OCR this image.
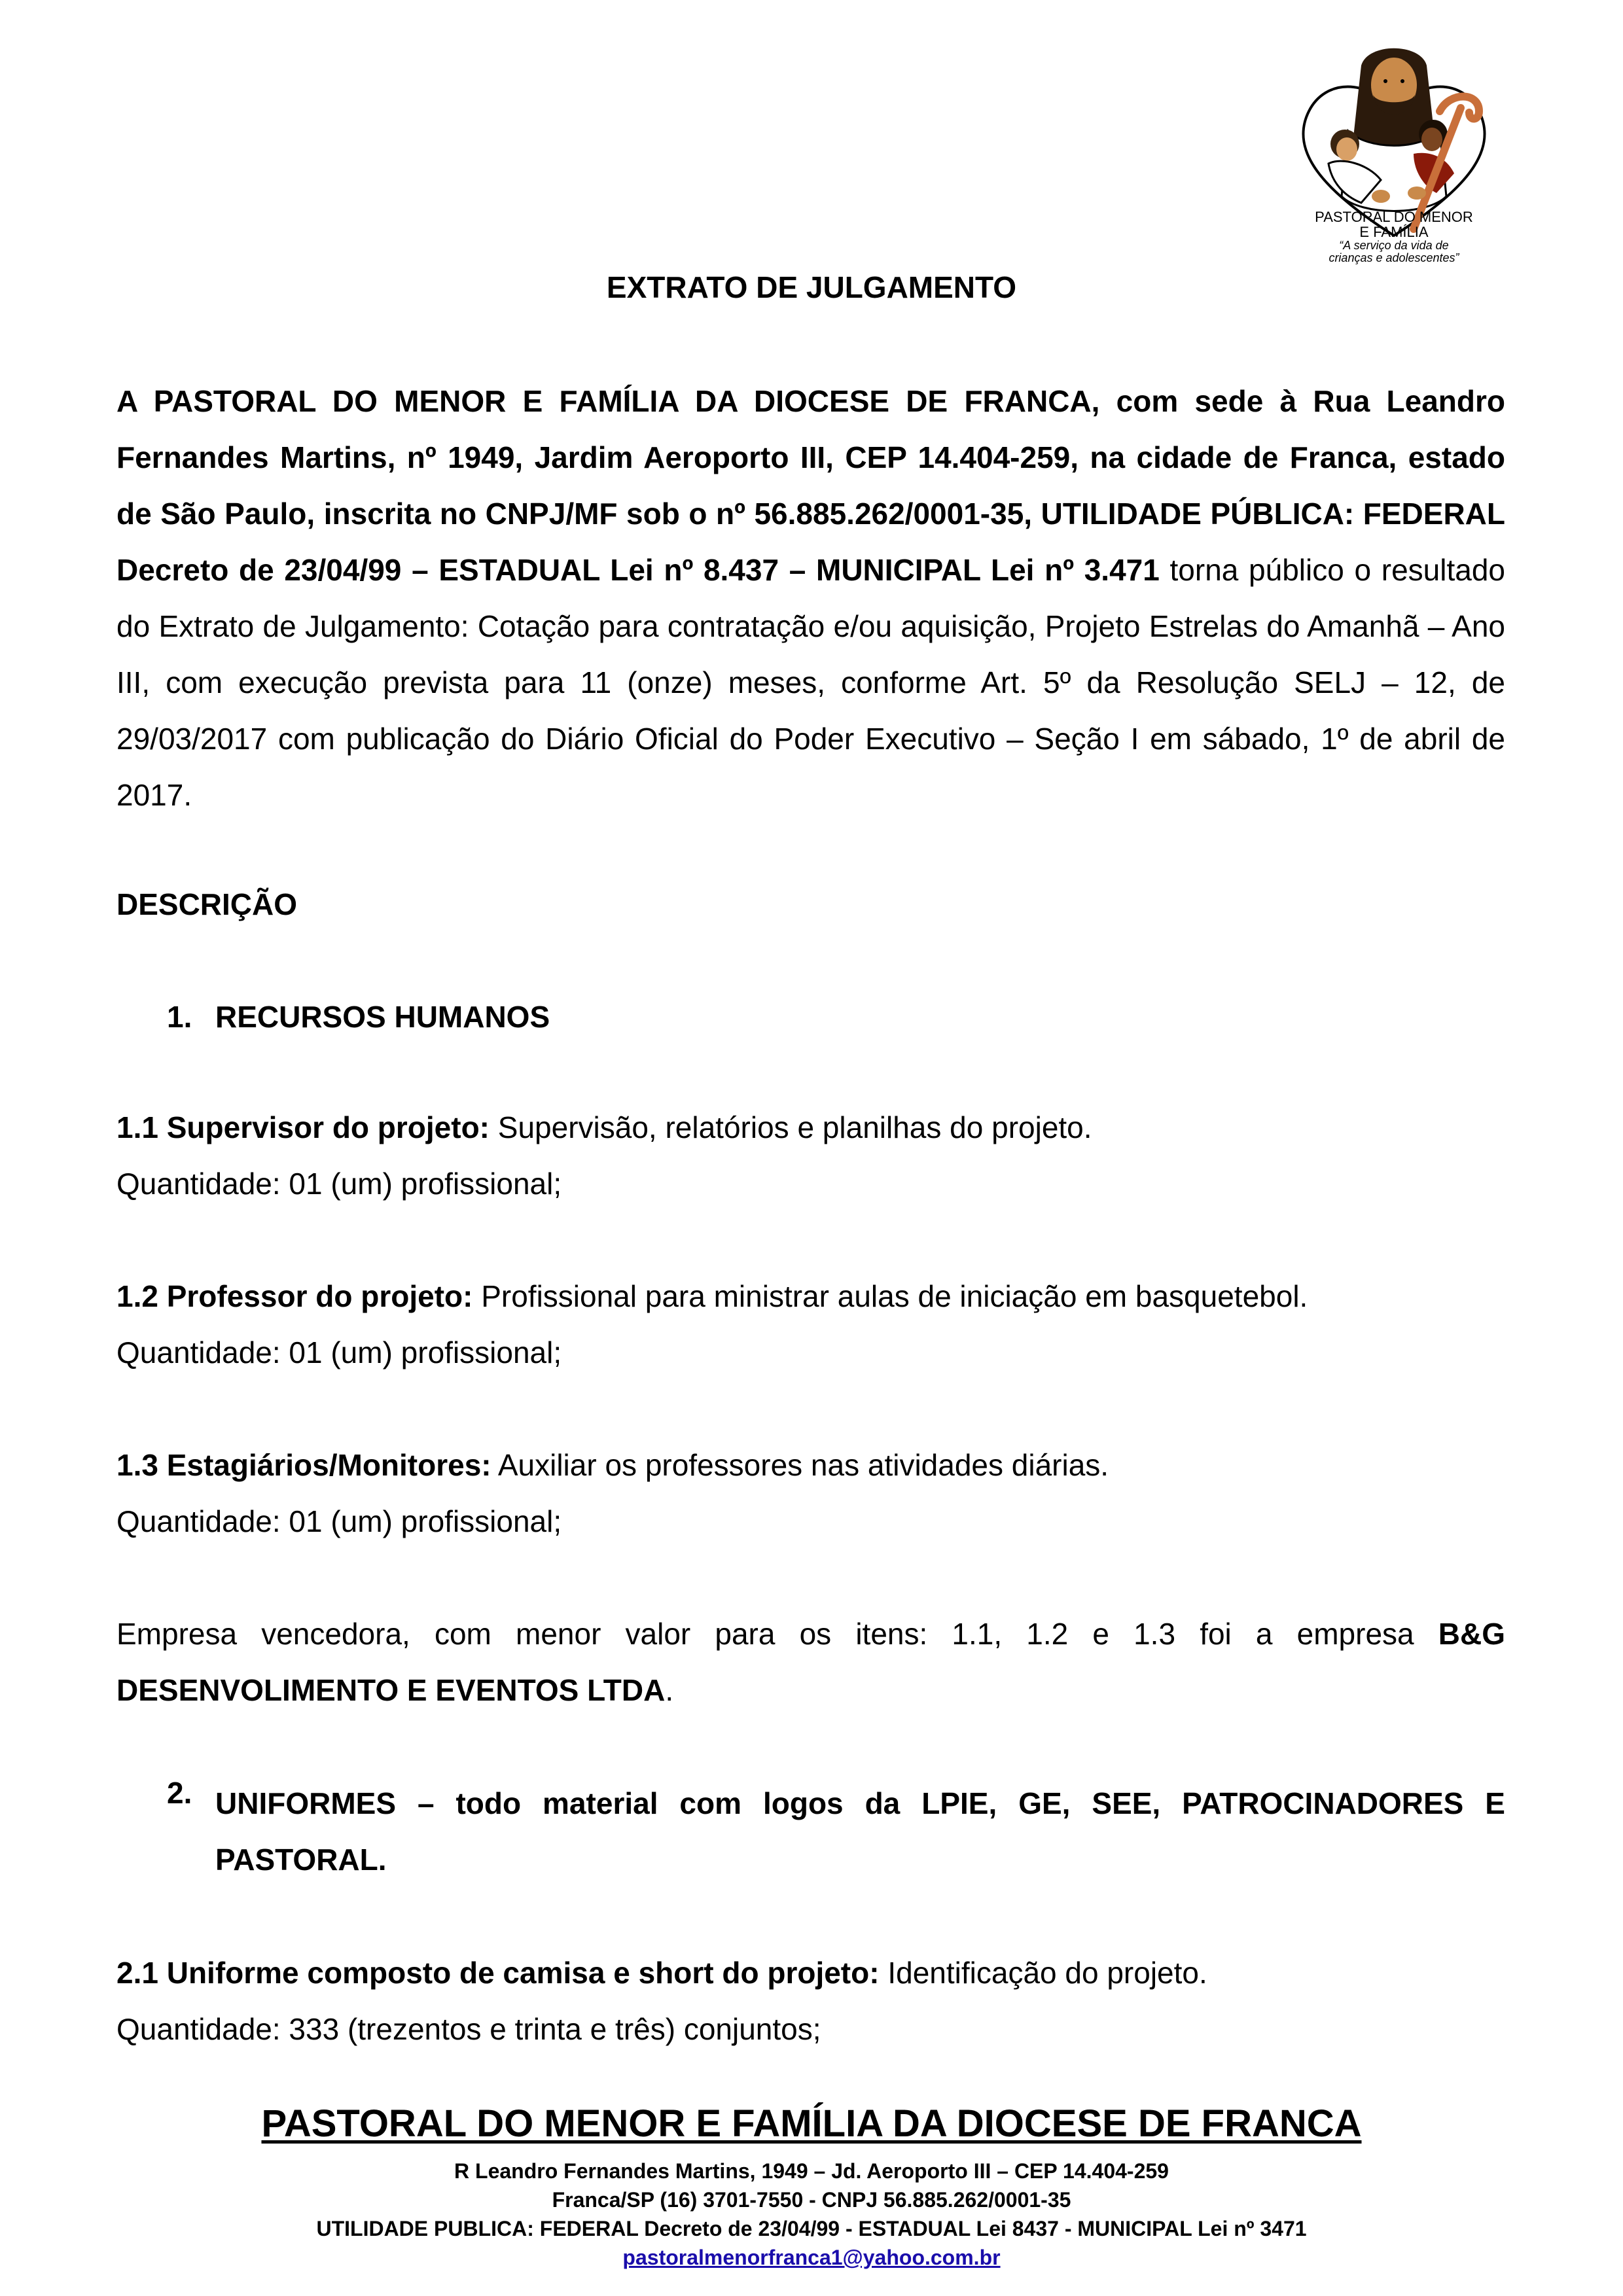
PASTORAL DO MENOR
E FAMÍLIA
“A serviço da vida de
crianças e adolescentes”
EXTRATO DE JULGAMENTO
A PASTORAL DO MENOR E FAMÍLIA DA DIOCESE DE FRANCA, com sede à Rua Leandro Fernandes Martins, nº 1949, Jardim Aeroporto III, CEP 14.404-259, na cidade de Franca, estado de São Paulo, inscrita no CNPJ/MF sob o nº 56.885.262/0001-35, UTILIDADE PÚBLICA: FEDERAL Decreto de 23/04/99 – ESTADUAL Lei nº 8.437 – MUNICIPAL Lei nº 3.471 torna público o resultado do Extrato de Julgamento: Cotação para contratação e/ou aquisição, Projeto Estrelas do Amanhã – Ano III, com execução prevista para 11 (onze) meses, conforme Art. 5º da Resolução SELJ – 12, de 29/03/2017 com publicação do Diário Oficial do Poder Executivo – Seção I em sábado, 1º de abril de 2017.
DESCRIÇÃO
1. RECURSOS HUMANOS
1.1 Supervisor do projeto: Supervisão, relatórios e planilhas do projeto.
Quantidade: 01 (um) profissional;
1.2 Professor do projeto: Profissional para ministrar aulas de iniciação em basquetebol.
Quantidade: 01 (um) profissional;
1.3 Estagiários/Monitores: Auxiliar os professores nas atividades diárias.
Quantidade: 01 (um) profissional;
Empresa vencedora, com menor valor para os itens: 1.1, 1.2 e 1.3 foi a empresa B&G DESENVOLIMENTO E EVENTOS LTDA.
2. UNIFORMES – todo material com logos da LPIE, GE, SEE, PATROCINADORES E PASTORAL.
2.1 Uniforme composto de camisa e short do projeto: Identificação do projeto.
Quantidade: 333 (trezentos e trinta e três) conjuntos;
PASTORAL DO MENOR E FAMÍLIA DA DIOCESE DE FRANCA
R Leandro Fernandes Martins, 1949 – Jd. Aeroporto III – CEP 14.404-259
Franca/SP (16) 3701-7550 - CNPJ 56.885.262/0001-35
UTILIDADE PUBLICA: FEDERAL Decreto de 23/04/99 - ESTADUAL Lei 8437 - MUNICIPAL Lei nº 3471
pastoralmenorfranca1@yahoo.com.br
